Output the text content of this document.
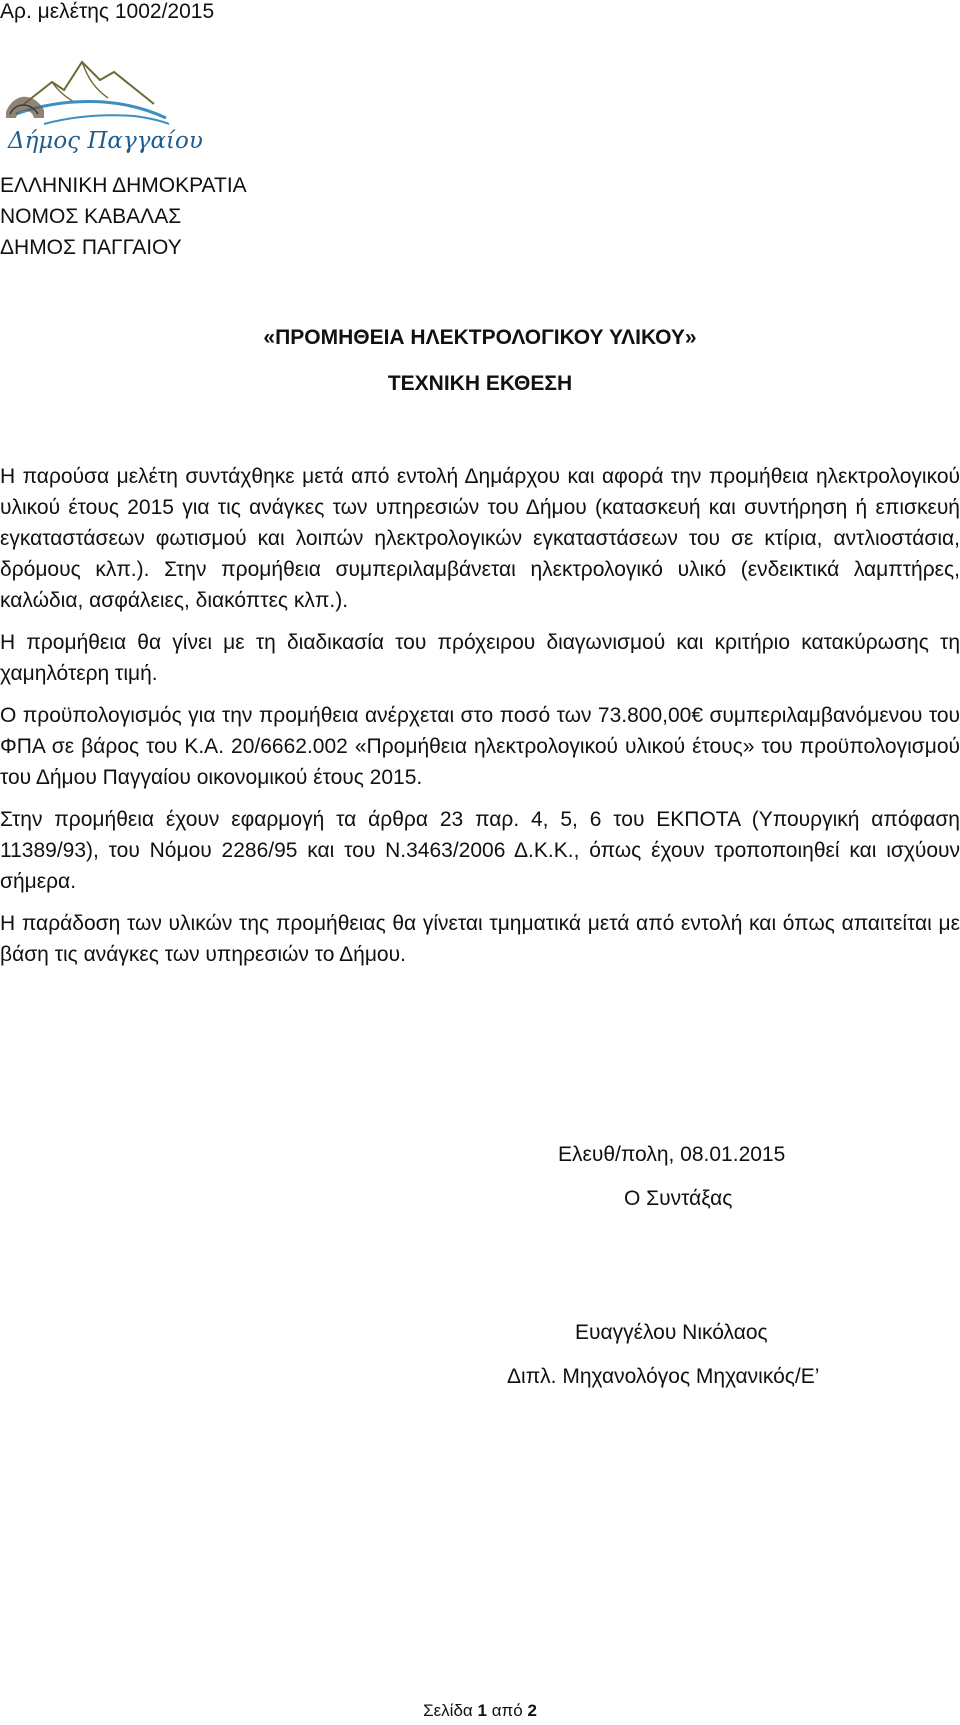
Αρ. μελέτης 1002/2015
Δήμος Παγγαίου
ΕΛΛΗΝΙΚΗ ΔΗΜΟΚΡΑΤΙΑ
ΝΟΜΟΣ ΚΑΒΑΛΑΣ
ΔΗΜΟΣ ΠΑΓΓΑΙΟΥ
«ΠΡΟΜΗΘΕΙΑ ΗΛΕΚΤΡΟΛΟΓΙΚΟΥ ΥΛΙΚΟΥ»
ΤΕΧΝΙΚΗ ΕΚΘΕΣΗ

Η παρούσα μελέτη συντάχθηκε μετά από εντολή Δημάρχου και αφορά την προμήθεια ηλεκτρολογικού υλικού έτους 2015 για τις ανάγκες των υπηρεσιών του Δήμου (κατασκευή και συντήρηση ή επισκευή εγκαταστάσεων φωτισμού και λοιπών ηλεκτρολογικών εγκαταστάσεων του σε κτίρια, αντλιοστάσια, δρόμους κλπ.). Στην προμήθεια συμπεριλαμβάνεται ηλεκτρολογικό υλικό (ενδεικτικά λαμπτήρες, καλώδια, ασφάλειες, διακόπτες κλπ.).

Η προμήθεια θα γίνει με τη διαδικασία του πρόχειρου διαγωνισμού και κριτήριο κατακύρωσης τη χαμηλότερη τιμή.

Ο προϋπολογισμός για την προμήθεια ανέρχεται στο ποσό των 73.800,00€ συμπεριλαμβανόμενου του ΦΠΑ σε βάρος του Κ.Α. 20/6662.002 «Προμήθεια ηλεκτρολογικού υλικού έτους» του προϋπολογισμού του Δήμου Παγγαίου οικονομικού έτους 2015.

Στην προμήθεια έχουν εφαρμογή τα άρθρα 23 παρ. 4, 5, 6 του ΕΚΠΟΤΑ (Υπουργική απόφαση 11389/93), του Νόμου 2286/95 και του Ν.3463/2006 Δ.Κ.Κ., όπως έχουν τροποποιηθεί και ισχύουν σήμερα.

Η παράδοση των υλικών της προμήθειας θα γίνεται τμηματικά μετά από εντολή και όπως απαιτείται με βάση τις ανάγκες των υπηρεσιών το Δήμου.

Ελευθ/πολη, 08.01.2015
Ο Συντάξας
Ευαγγέλου Νικόλαος
Διπλ. Μηχανολόγος Μηχανικός/Ε’
Σελίδα 1 από 2
